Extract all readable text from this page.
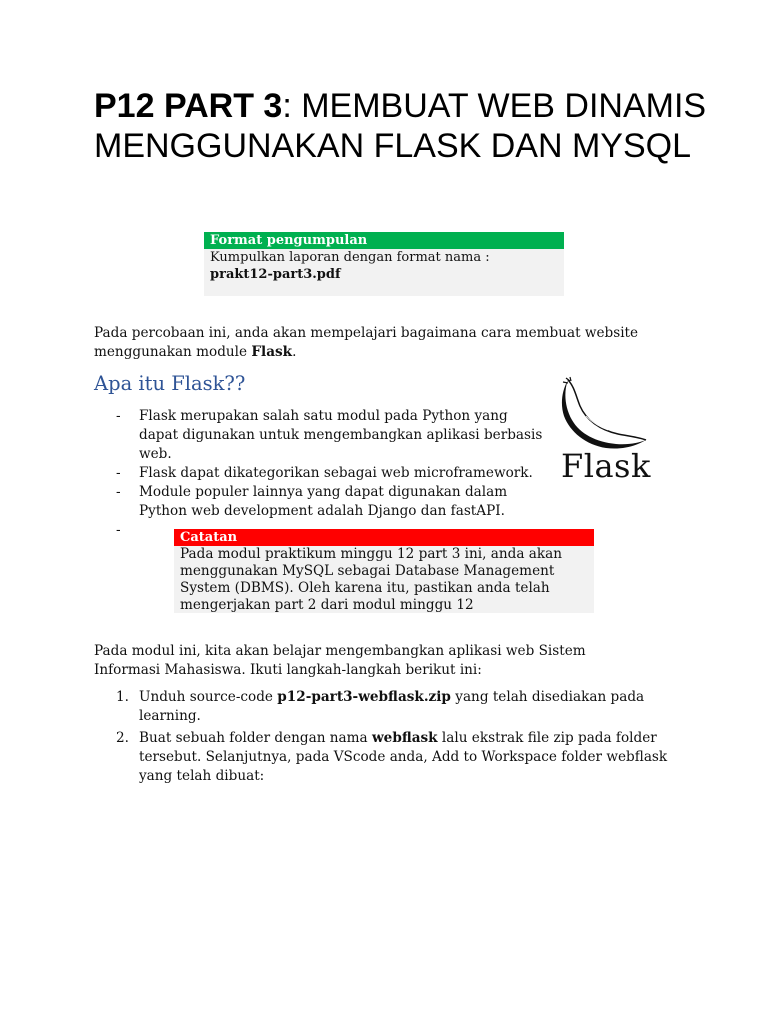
P12 PART 3: MEMBUAT WEB DINAMIS MENGGUNAKAN FLASK DAN MYSQL
Format pengumpulan
Kumpulkan laporan dengan format nama :
prakt12-part3.pdf

Pada percobaan ini, anda akan mempelajari bagaimana cara membuat website menggunakan module Flask.

Apa itu Flask??
- Flask merupakan salah satu modul pada Python yang dapat digunakan untuk mengembangkan aplikasi berbasis web.
- Flask dapat dikategorikan sebagai web microframework.
- Module populer lainnya yang dapat digunakan dalam Python web development adalah Django dan fastAPI.
-

Flask
Catatan
Pada modul praktikum minggu 12 part 3 ini, anda akan menggunakan MySQL sebagai Database Management System (DBMS). Oleh karena itu, pastikan anda telah mengerjakan part 2 dari modul minggu 12

Pada modul ini, kita akan belajar mengembangkan aplikasi web Sistem Informasi Mahasiswa. Ikuti langkah-langkah berikut ini:

1. Unduh source-code p12-part3-webflask.zip yang telah disediakan pada learning.
2. Buat sebuah folder dengan nama webflask lalu ekstrak file zip pada folder tersebut. Selanjutnya, pada VScode anda, Add to Workspace folder webflask yang telah dibuat:
